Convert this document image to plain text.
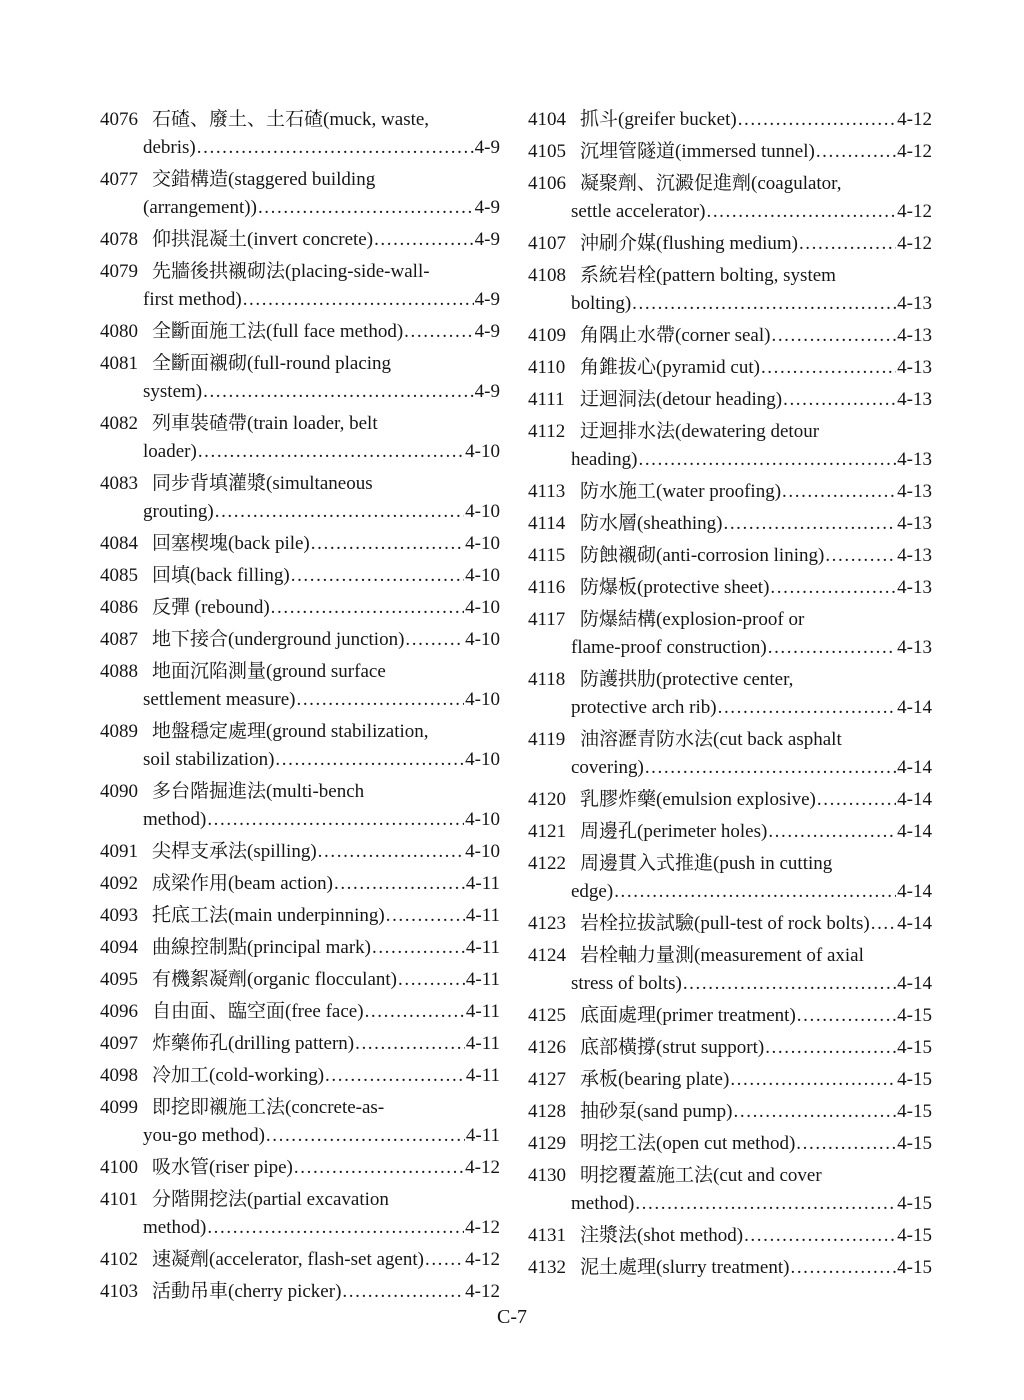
4076 石碴、廢土、土石碴(muck, waste,
debris) .....	4-9
4077 交錯構造(staggered building
(arrangement)) .....	4-9
4078 仰拱混凝土(invert concrete) .....	4-9
4079 先牆後拱襯砌法(placing-side-wall-
first method) .....	4-9
4080 全斷面施工法(full face method) .....	4-9
4081 全斷面襯砌(full-round placing
system) .....	4-9
4082 列車裝碴帶(train loader, belt
loader) .....	4-10
4083 同步背填灌漿(simultaneous
grouting) .....	4-10
4084 回塞楔塊(back pile) .....	4-10
4085 回填(back filling) .....	4-10
4086 反彈 (rebound) .....	4-10
4087 地下接合(underground junction) .....	4-10
4088 地面沉陷測量(ground surface
settlement measure) .....	4-10
4089 地盤穩定處理(ground stabilization,
soil stabilization) .....	4-10
4090 多台階掘進法(multi-bench
method) .....	4-10
4091 尖桿支承法(spilling) .....	4-10
4092 成梁作用(beam action) .....	4-11
4093 托底工法(main underpinning) .....	4-11
4094 曲線控制點(principal mark) .....	4-11
4095 有機絮凝劑(organic flocculant) .....	4-11
4096 自由面、臨空面(free face) .....	4-11
4097 炸藥佈孔(drilling pattern) .....	4-11
4098 冷加工(cold-working) .....	4-11
4099 即挖即襯施工法(concrete-as-
you-go method) .....	4-11
4100 吸水管(riser pipe) .....	4-12
4101 分階開挖法(partial excavation
method) .....	4-12
4102 速凝劑(accelerator, flash-set agent) ..... 4-12
4103 活動吊車(cherry picker) .....	4-12
4104 抓斗(greifer bucket) .....	4-12
4105 沉埋管隧道(immersed tunnel) .....	4-12
4106 凝聚劑、沉澱促進劑(coagulator,
settle accelerator) .....	4-12
4107 沖刷介媒(flushing medium) .....	4-12
4108 系統岩栓(pattern bolting, system
bolting) .....	4-13
4109 角隅止水帶(corner seal) .....	4-13
4110 角錐拔心(pyramid cut) .....	4-13
4111 迂迴洞法(detour heading) .....	4-13
4112 迂迴排水法(dewatering detour
heading) .....	4-13
4113 防水施工(water proofing) .....	4-13
4114 防水層(sheathing) .....	4-13
4115 防蝕襯砌(anti-corrosion lining) .....	4-13
4116 防爆板(protective sheet) .....	4-13
4117 防爆結構(explosion-proof or
flame-proof construction) .....	4-13
4118 防護拱肋(protective center,
protective arch rib) .....	4-14
4119 油溶瀝青防水法(cut back asphalt
covering) .....	4-14
4120 乳膠炸藥(emulsion explosive) .....	4-14
4121 周邊孔(perimeter holes) .....	4-14
4122 周邊貫入式推進(push in cutting
edge) .....	4-14
4123 岩栓拉拔試驗(pull-test of rock bolts) ..... 4-14
4124 岩栓軸力量測(measurement of axial
stress of bolts) .....	4-14
4125 底面處理(primer treatment) .....	4-15
4126 底部橫撐(strut support) .....	4-15
4127 承板(bearing plate) .....	4-15
4128 抽砂泵(sand pump) .....	4-15
4129 明挖工法(open cut method) .....	4-15
4130 明挖覆蓋施工法(cut and cover
method) .....	4-15
4131 注漿法(shot method) .....	4-15
4132 泥土處理(slurry treatment) .....	4-15
C-7
